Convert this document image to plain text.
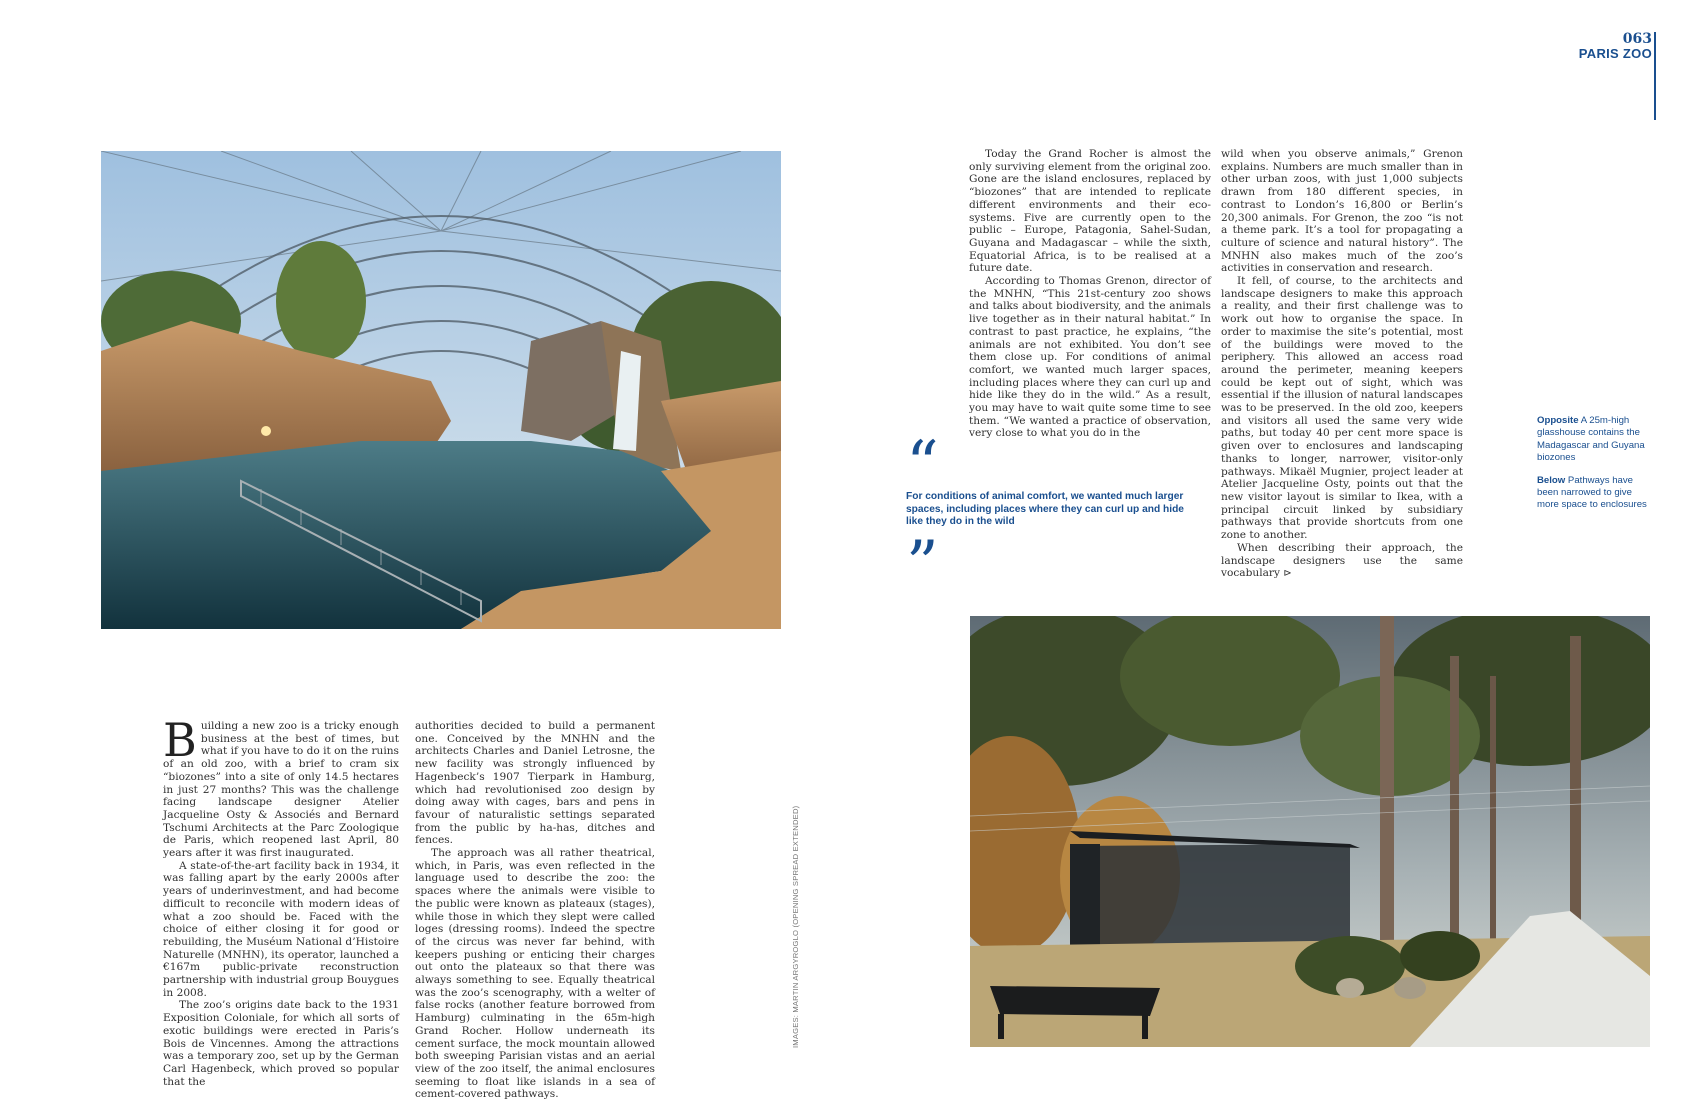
063
PARIS ZOO
IMAGES: MARTIN ARGYROGLO (OPENING SPREAD EXTENDED)

Building a new zoo is a tricky enough business at the best of times, but what if you have to do it on the ruins of an old zoo, with a brief to cram six “biozones” into a site of only 14.5 hectares in just 27 months? This was the challenge facing landscape designer Atelier Jacqueline Osty & Associés and Bernard Tschumi Architects at the Parc Zoologique de Paris, which reopened last April, 80 years after it was first inaugurated.

A state-of-the-art facility back in 1934, it was falling apart by the early 2000s after years of underinvestment, and had become difficult to reconcile with modern ideas of what a zoo should be. Faced with the choice of either closing it for good or rebuilding, the Muséum National d’Histoire Naturelle (MNHN), its operator, launched a €167m public-private reconstruction partnership with industrial group Bouygues in 2008.

The zoo’s origins date back to the 1931 Exposition Coloniale, for which all sorts of exotic buildings were erected in Paris’s Bois de Vincennes. Among the attractions was a temporary zoo, set up by the German Carl Hagenbeck, which proved so popular that the

authorities decided to build a permanent one. Conceived by the MNHN and the architects Charles and Daniel Letrosne, the new facility was strongly influenced by Hagenbeck’s 1907 Tierpark in Hamburg, which had revolutionised zoo design by doing away with cages, bars and pens in favour of naturalistic settings separated from the public by ha-has, ditches and fences.

The approach was all rather theatrical, which, in Paris, was even reflected in the language used to describe the zoo: the spaces where the animals were visible to the public were known as plateaux (stages), while those in which they slept were called loges (dressing rooms). Indeed the spectre of the circus was never far behind, with keepers pushing or enticing their charges out onto the plateaux so that there was always something to see. Equally theatrical was the zoo’s scenography, with a welter of false rocks (another feature borrowed from Hamburg) culminating in the 65m-high Grand Rocher. Hollow underneath its cement surface, the mock mountain allowed both sweeping Parisian vistas and an aerial view of the zoo itself, the animal enclosures seeming to float like islands in a sea of cement-covered pathways.

Today the Grand Rocher is almost the only surviving element from the original zoo. Gone are the island enclosures, replaced by “biozones” that are intended to replicate different environments and their eco-systems. Five are currently open to the public – Europe, Patagonia, Sahel-Sudan, Guyana and Madagascar – while the sixth, Equatorial Africa, is to be realised at a future date.

According to Thomas Grenon, director of the MNHN, “This 21st-century zoo shows and talks about biodiversity, and the animals live together as in their natural habitat.” In contrast to past practice, he explains, “the animals are not exhibited. You don’t see them close up. For conditions of animal comfort, we wanted much larger spaces, including places where they can curl up and hide like they do in the wild.” As a result, you may have to wait quite some time to see them. “We wanted a practice of observation, very close to what you do in the

wild when you observe animals,” Grenon explains. Numbers are much smaller than in other urban zoos, with just 1,000 subjects drawn from 180 different species, in contrast to London’s 16,800 or Berlin’s 20,300 animals. For Grenon, the zoo “is not a theme park. It’s a tool for propagating a culture of science and natural history”. The MNHN also makes much of the zoo’s activities in conservation and research.

It fell, of course, to the architects and landscape designers to make this approach a reality, and their first challenge was to work out how to organise the space. In order to maximise the site’s potential, most of the buildings were moved to the periphery. This allowed an access road around the perimeter, meaning keepers could be kept out of sight, which was essential if the illusion of natural landscapes was to be preserved. In the old zoo, keepers and visitors all used the same very wide paths, but today 40 per cent more space is given over to enclosures and landscaping thanks to longer, narrower, visitor-only pathways. Mikaël Mugnier, project leader at Atelier Jacqueline Osty, points out that the new visitor layout is similar to Ikea, with a principal circuit linked by subsidiary pathways that provide shortcuts from one zone to another.

When describing their approach, the landscape designers use the same vocabulary ⊳

“
For conditions of animal comfort, we wanted much larger spaces, including places where they can curl up and hide like they do in the wild
”

Opposite A 25m-high glasshouse contains the Madagascar and Guyana biozones

Below Pathways have been narrowed to give more space to enclosures
